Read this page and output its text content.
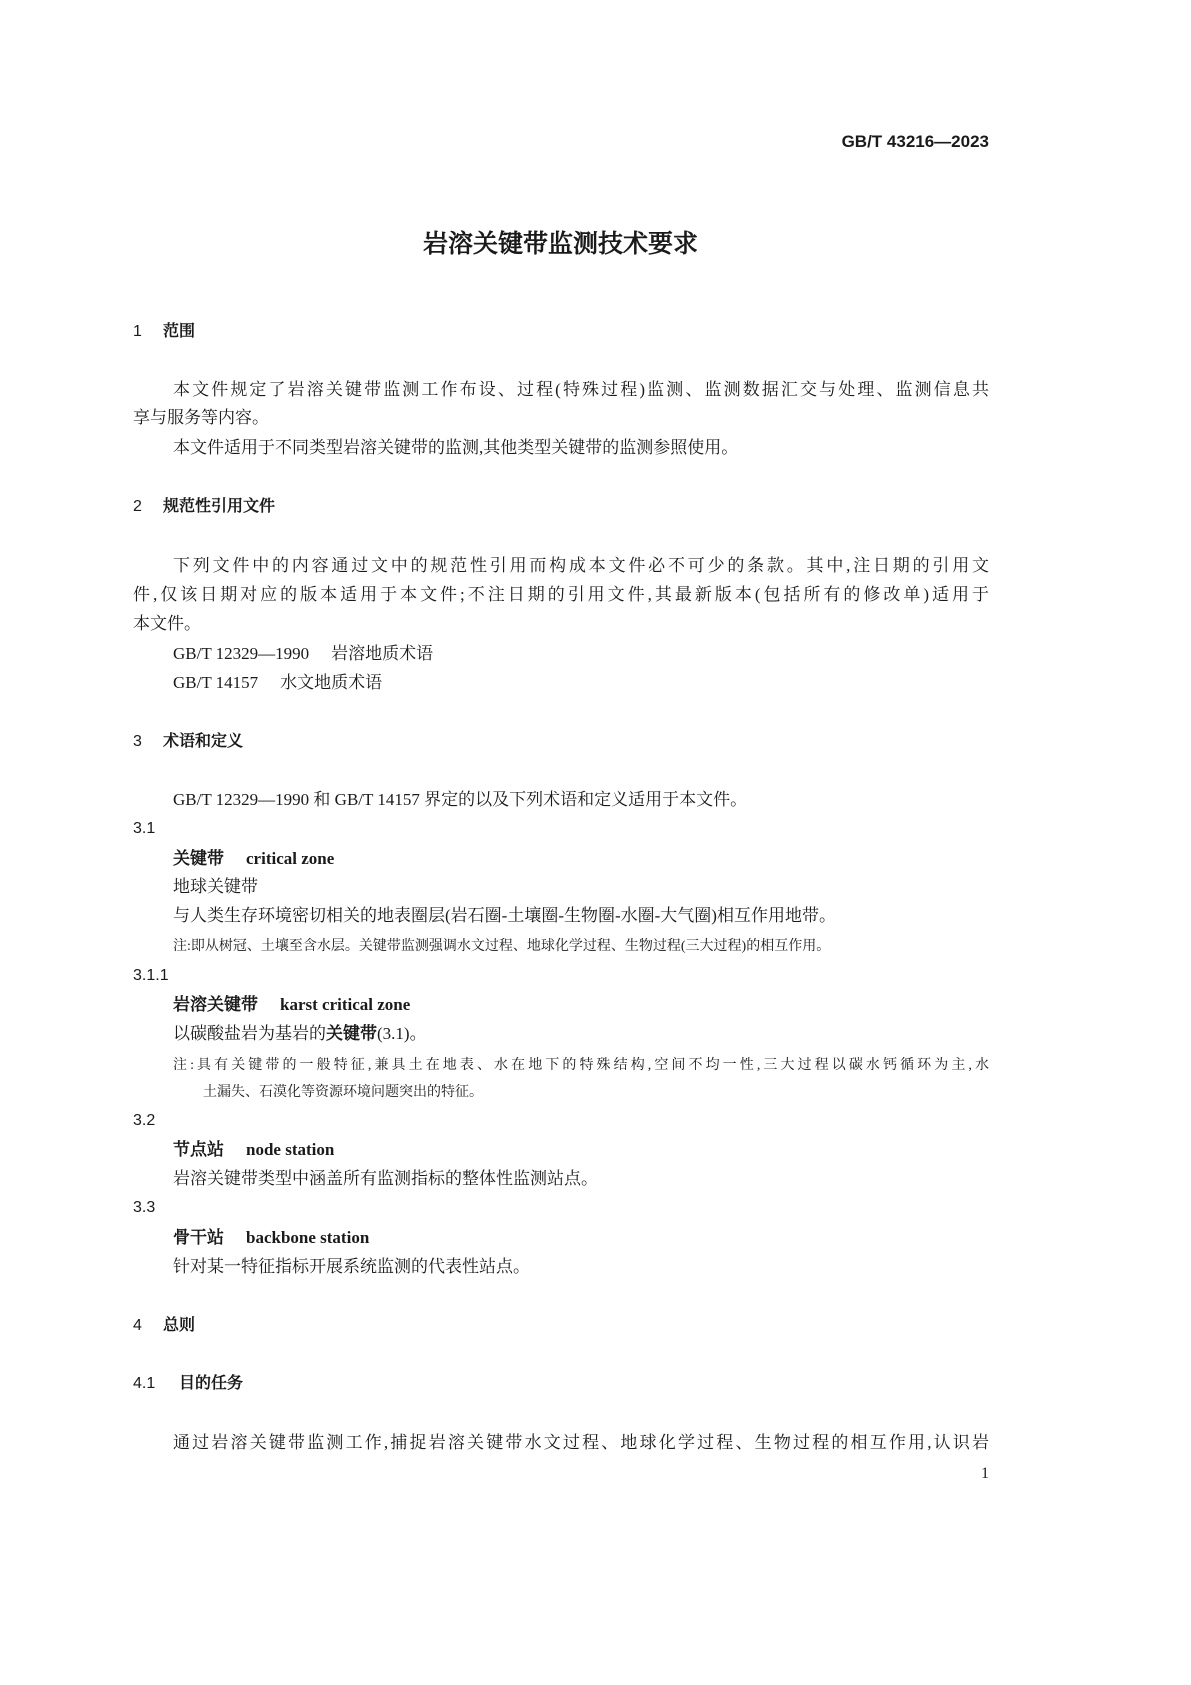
GB/T 43216—2023
岩溶关键带监测技术要求
1 范围
本文件规定了岩溶关键带监测工作布设、过程(特殊过程)监测、监测数据汇交与处理、监测信息共
享与服务等内容。
本文件适用于不同类型岩溶关键带的监测,其他类型关键带的监测参照使用。
2 规范性引用文件
下列文件中的内容通过文中的规范性引用而构成本文件必不可少的条款。其中,注日期的引用文
件,仅该日期对应的版本适用于本文件;不注日期的引用文件,其最新版本(包括所有的修改单)适用于
本文件。
GB/T 12329—1990 岩溶地质术语
GB/T 14157 水文地质术语
3 术语和定义
GB/T 12329—1990 和 GB/T 14157 界定的以及下列术语和定义适用于本文件。
3.1
关键带 critical zone
地球关键带
与人类生存环境密切相关的地表圈层(岩石圈-土壤圈-生物圈-水圈-大气圈)相互作用地带。
注:即从树冠、土壤至含水层。关键带监测强调水文过程、地球化学过程、生物过程(三大过程)的相互作用。
3.1.1
岩溶关键带 karst critical zone
以碳酸盐岩为基岩的关键带(3.1)。
注:具有关键带的一般特征,兼具土在地表、水在地下的特殊结构,空间不均一性,三大过程以碳水钙循环为主,水
土漏失、石漠化等资源环境问题突出的特征。
3.2
节点站 node station
岩溶关键带类型中涵盖所有监测指标的整体性监测站点。
3.3
骨干站 backbone station
针对某一特征指标开展系统监测的代表性站点。
4 总则
4.1 目的任务
通过岩溶关键带监测工作,捕捉岩溶关键带水文过程、地球化学过程、生物过程的相互作用,认识岩
1
